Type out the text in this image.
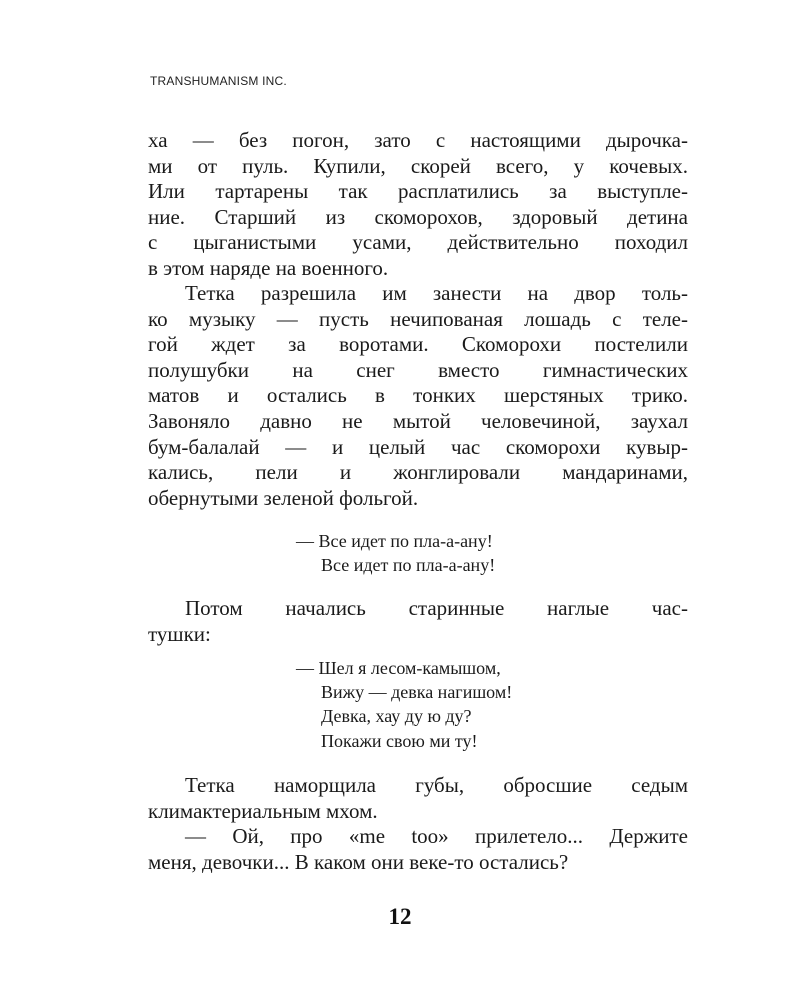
TRANSHUMANISM INC.
ха — без погон, зато с настоящими дырочка-
ми от пуль. Купили, скорей всего, у кочевых.
Или тартарены так расплатились за выступле-
ние. Старший из скоморохов, здоровый детина
с цыганистыми усами, действительно походил
в этом наряде на военного.
Тетка разрешила им занести на двор толь-
ко музыку — пусть нечипованая лошадь с теле-
гой ждет за воротами. Скоморохи постелили
полушубки на снег вместо гимнастических
матов и остались в тонких шерстяных трико.
Завоняло давно не мытой человечиной, заухал
бум-балалай — и целый час скоморохи кувыр-
кались, пели и жонглировали мандаринами,
обернутыми зеленой фольгой.
— Все идет по пла-а-ану!
Все идет по пла-а-ану!
Потом начались старинные наглые час-
тушки:
— Шел я лесом-камышом,
Вижу — девка нагишом!
Девка, хау ду ю ду?
Покажи свою ми ту!
Тетка наморщила губы, обросшие седым
климактериальным мхом.
— Ой, про «me too» прилетело... Держите
меня, девочки... В каком они веке-то остались?
12
